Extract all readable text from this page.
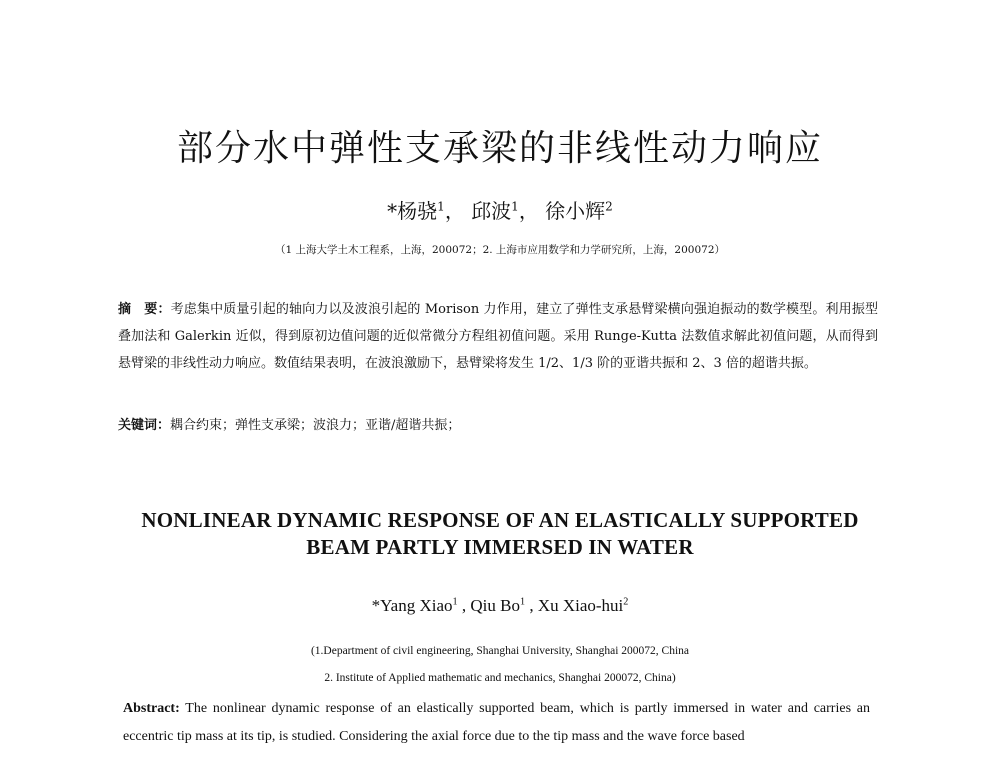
部分水中弹性支承梁的非线性动力响应
*杨骁$^1$， 邱波$^1$， 徐小辉$^2$
（1 上海大学土木工程系，上海，200072；2. 上海市应用数学和力学研究所，上海，200072）
摘　要：考虑集中质量引起的轴向力以及波浪引起的 Morison 力作用，建立了弹性支承悬臂梁横向强迫振动的数学模型。利用振型叠加法和 Galerkin 近似，得到原初边值问题的近似常微分方程组初值问题。采用 Runge-Kutta 法数值求解此初值问题，从而得到悬臂梁的非线性动力响应。数值结果表明，在波浪激励下，悬臂梁将发生 1/2、1/3 阶的亚谐共振和 2、3 倍的超谐共振。
关键词：耦合约束；弹性支承梁；波浪力；亚谐/超谐共振；
NONLINEAR DYNAMIC RESPONSE OF AN ELASTICALLY SUPPORTED
BEAM PARTLY IMMERSED IN WATER
*Yang Xiao$^1$ , Qiu Bo$^1$ , Xu Xiao-hui$^2$
(1.Department of civil engineering, Shanghai University, Shanghai 200072, China
2. Institute of Applied mathematic and mechanics, Shanghai 200072, China)
Abstract: The nonlinear dynamic response of an elastically supported beam, which is partly immersed in water and carries an eccentric tip mass at its tip, is studied. Considering the axial force due to the tip mass and the wave force based
